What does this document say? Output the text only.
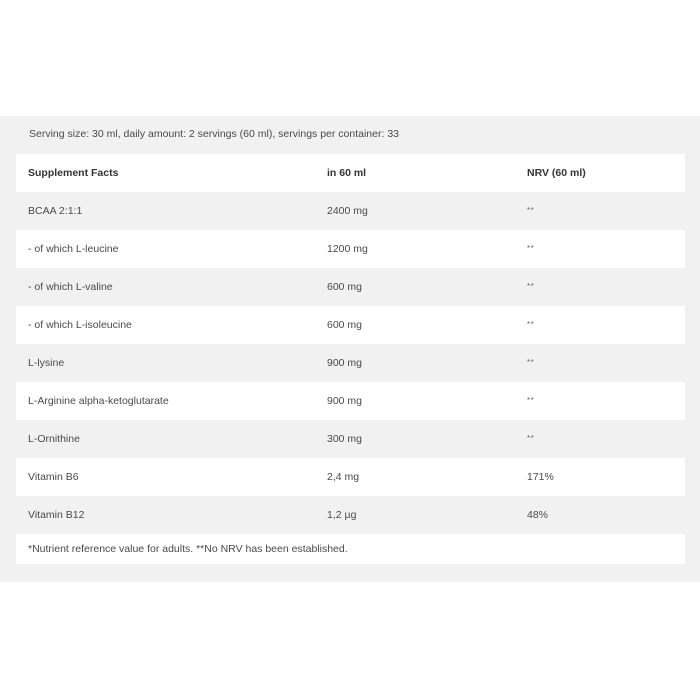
Serving size: 30 ml, daily amount: 2 servings (60 ml), servings per container: 33
Supplement Facts	in 60 ml	NRV (60 ml)
BCAA 2:1:1	2400 mg	**
- of which L-leucine	1200 mg	**
- of which L-valine	600 mg	**
- of which L-isoleucine	600 mg	**
L-lysine	900 mg	**
L-Arginine alpha-ketoglutarate	900 mg	**
L-Ornithine	300 mg	**
Vitamin B6	2,4 mg	171%
Vitamin B12	1,2 µg	48%
*Nutrient reference value for adults. **No NRV has been established.
